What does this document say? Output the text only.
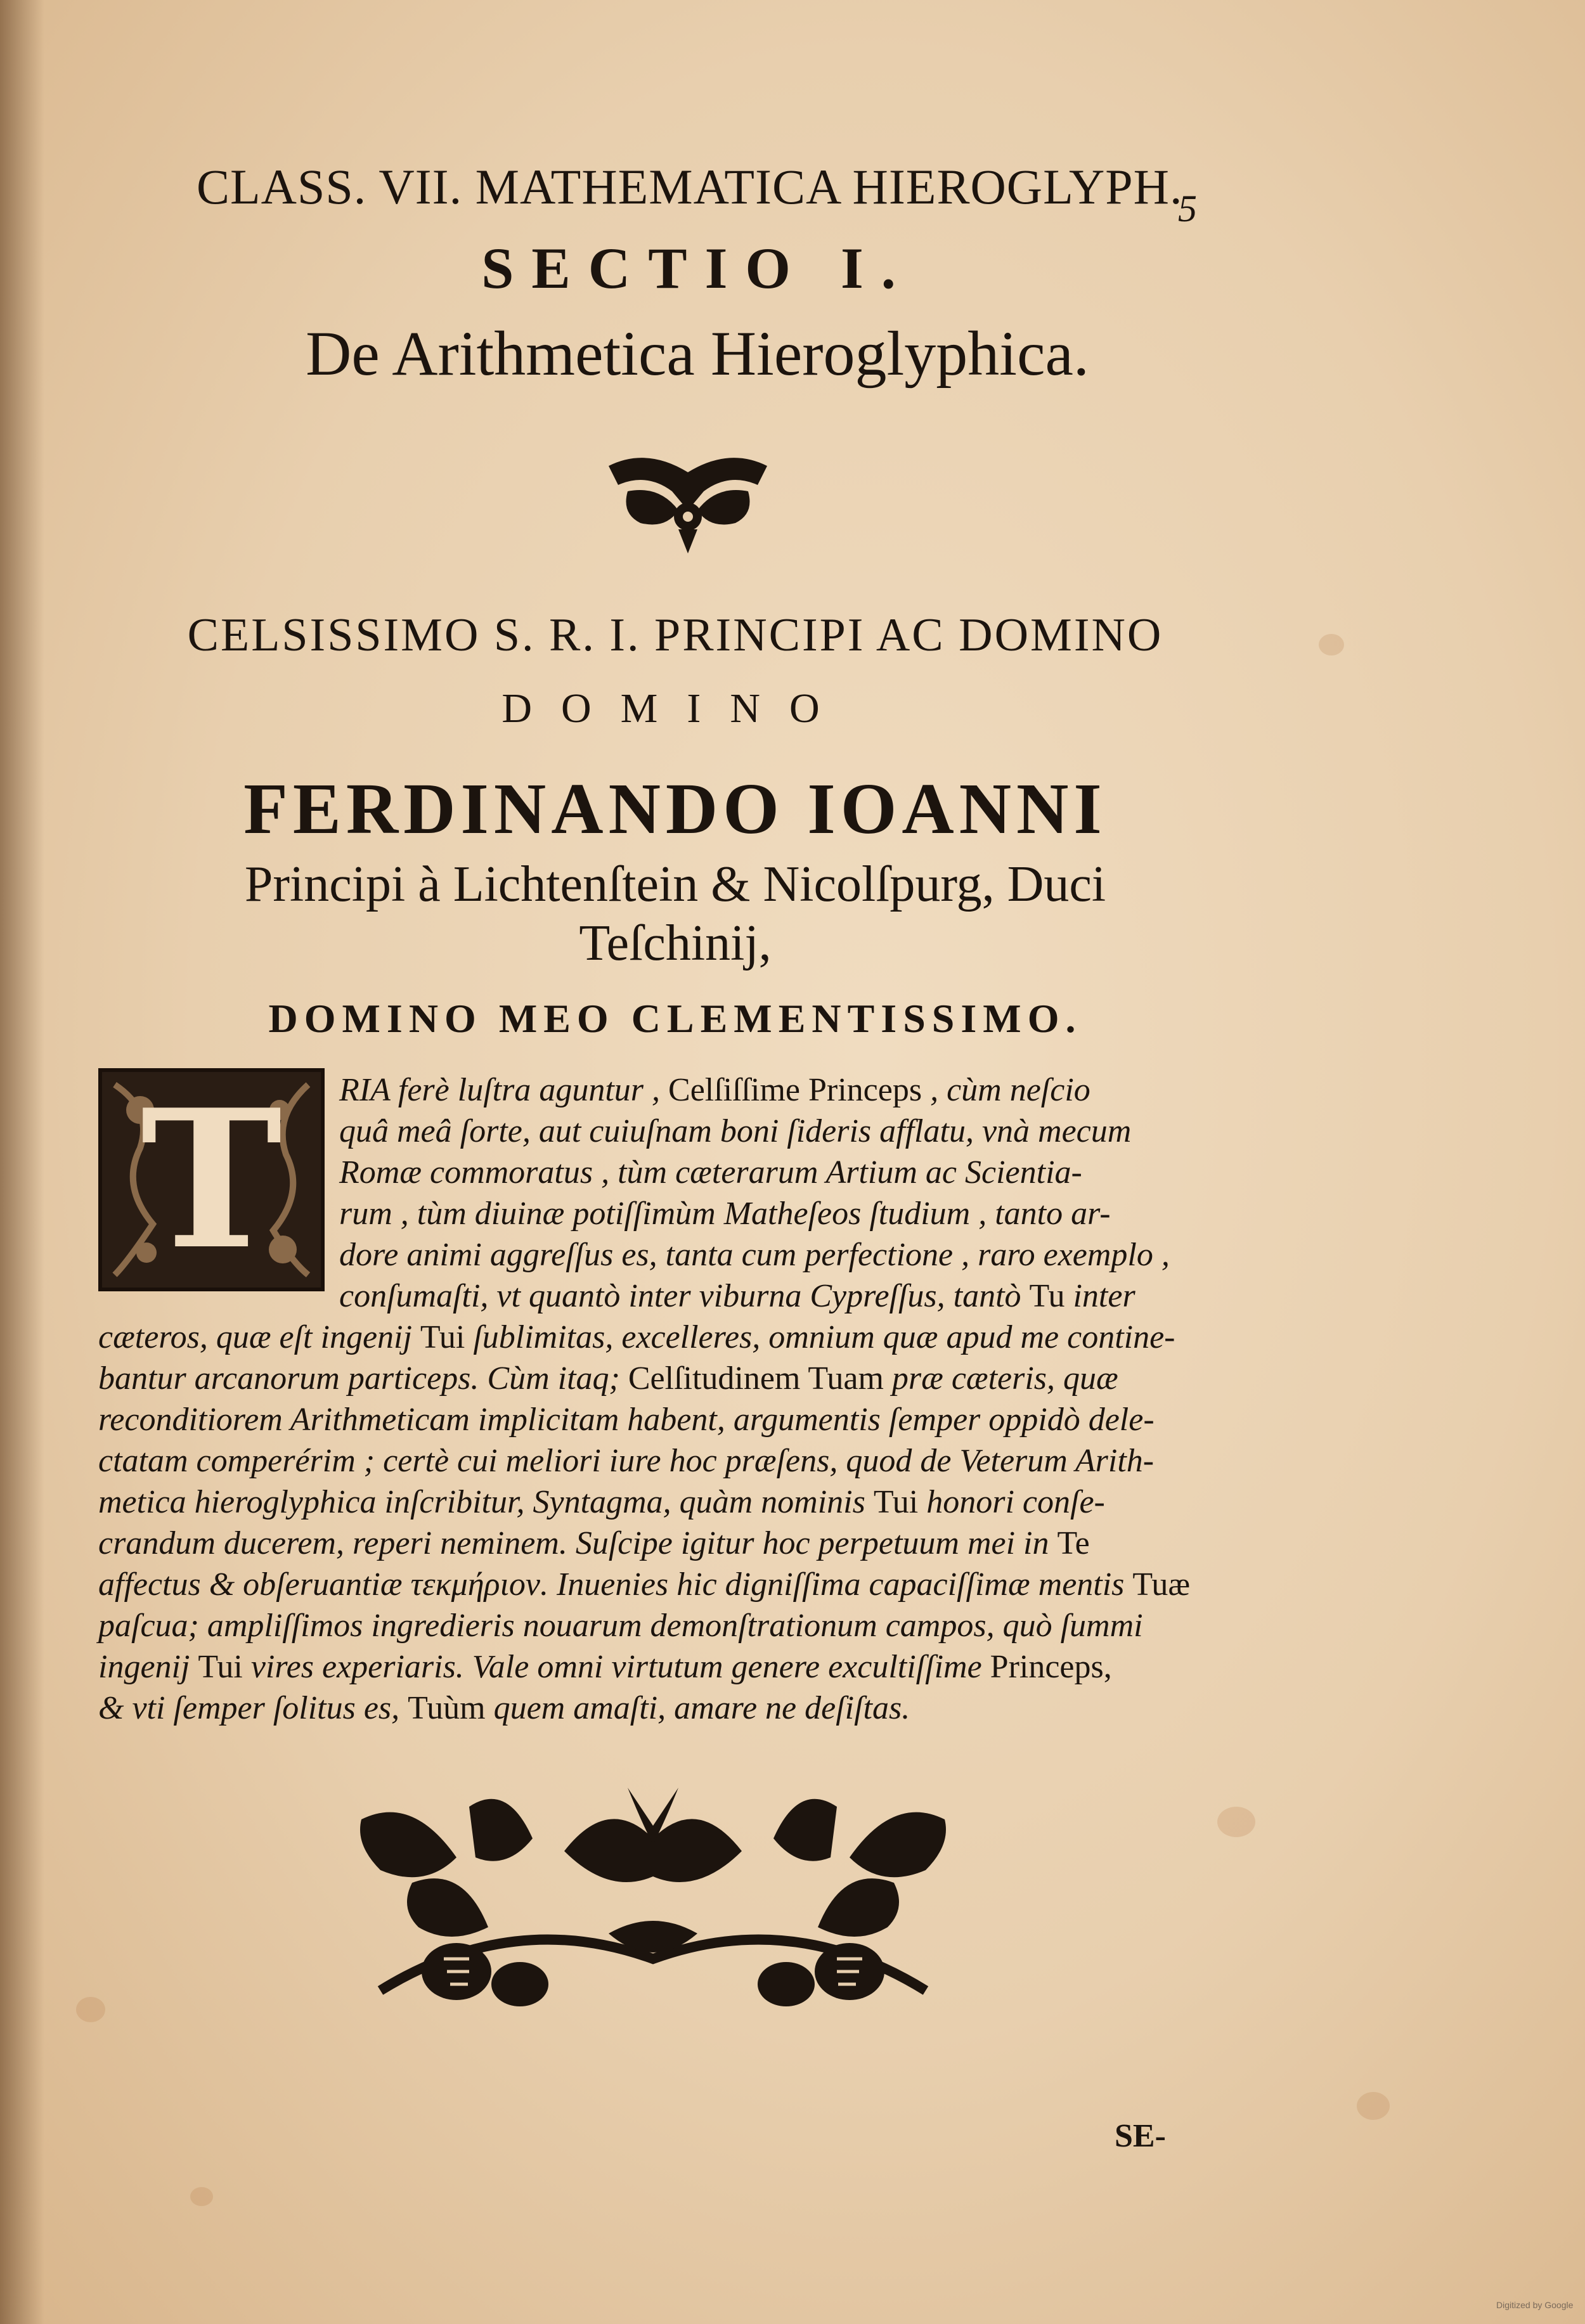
CLASS. VII. MATHEMATICA HIEROGLYPH.
5
SECTIO I.
De Arithmetica Hieroglyphica.
CELSISSIMO S. R. I. PRINCIPI AC DOMINO
DOMINO
FERDINANDO IOANNI
Principi à Lichtenſtein & Nicolſpurg, Duci
Teſchinij,
DOMINO MEO CLEMENTISSIMO.
T	RIA ferè luſtra aguntur , Celſiſſime Princeps , cùm neſcio
quâ meâ ſorte, aut cuiuſnam boni ſideris afflatu, vnà mecum
Romæ commoratus , tùm cæterarum Artium ac Scientia-
rum , tùm diuinæ potiſſimùm Matheſeos ſtudium , tanto ar-
dore animi aggreſſus es, tanta cum perfectione , raro exemplo ,
conſumaſti, vt quantò inter viburna Cypreſſus, tantò Tu inter
cæteros, quæ eſt ingenij Tui ſublimitas, excelleres, omnium quæ apud me contine-
bantur arcanorum particeps. Cùm itaq; Celſitudinem Tuam præ cæteris, quæ
reconditiorem Arithmeticam implicitam habent, argumentis ſemper oppidò dele-
ctatam comperérim ; certè cui meliori iure hoc præſens, quod de Veterum Arith-
metica hieroglyphica inſcribitur, Syntagma, quàm nominis Tui honori conſe-
crandum ducerem, reperi neminem. Suſcipe igitur hoc perpetuum mei in Te
affectus & obſeruantiæ τεκμήριον. Inuenies hic digniſſima capaciſſimæ mentis Tuæ
paſcua; ampliſſimos ingredieris nouarum demonſtrationum campos, quò ſummi
ingenij Tui vires experiaris. Vale omni virtutum genere excultiſſime Princeps,
& vti ſemper ſolitus es, Tuùm quem amaſti, amare ne deſiſtas.
SE-
Digitized by Google
